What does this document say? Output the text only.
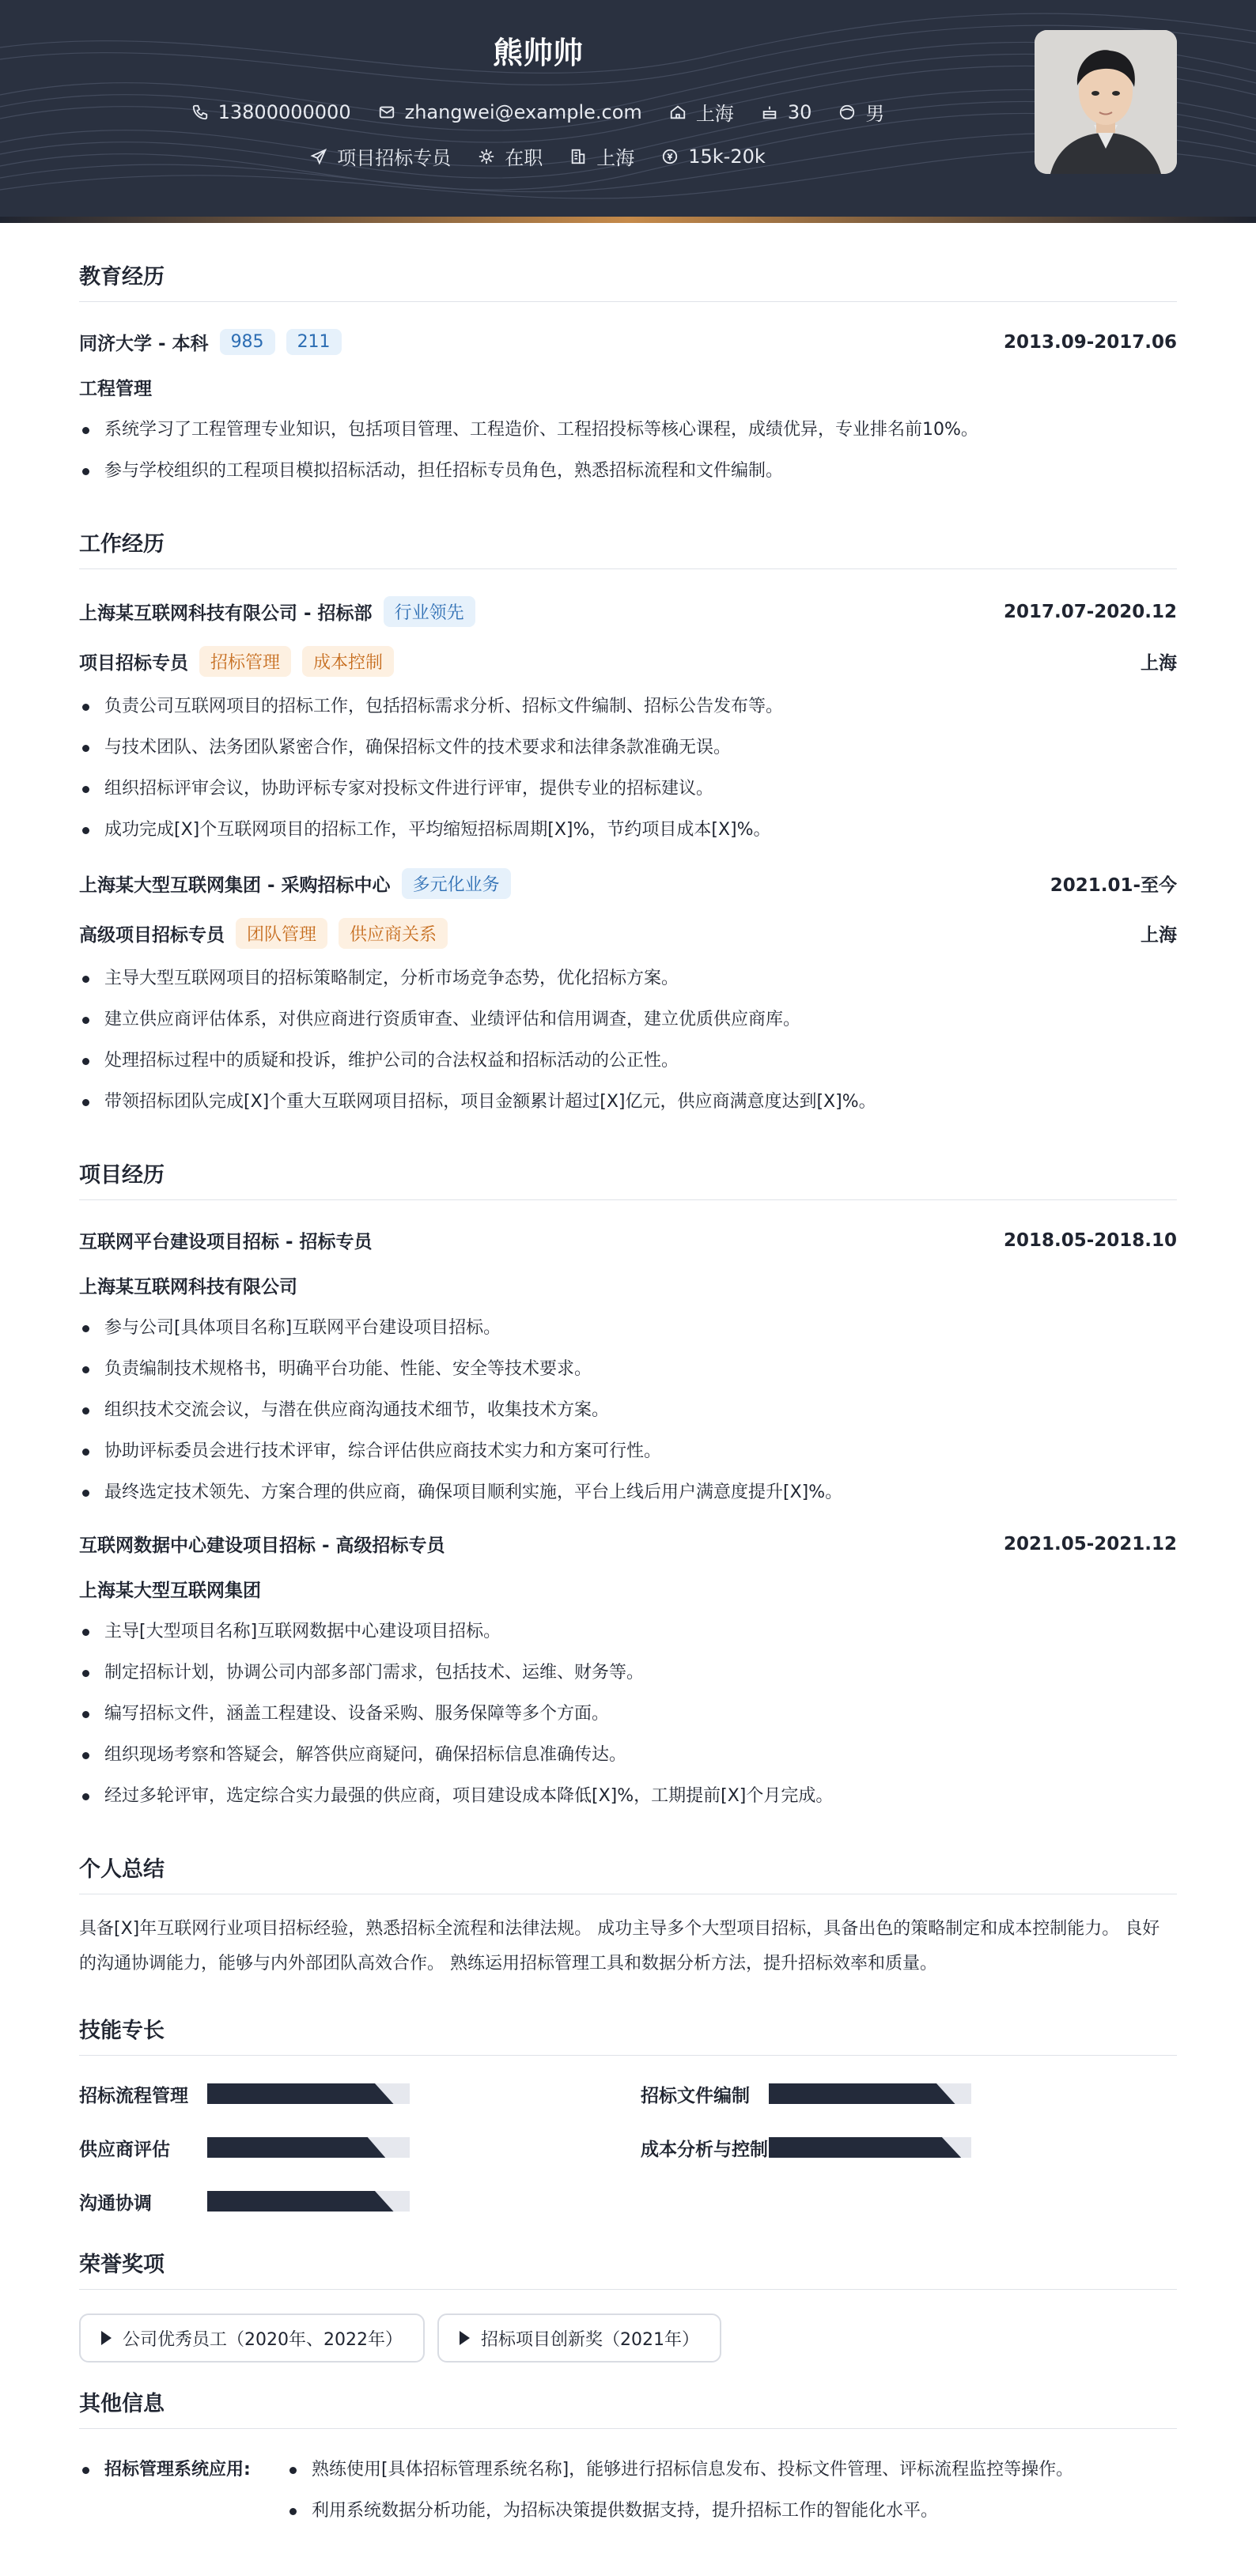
熊帅帅
13800000000	zhangwei@example.com	上海	30	男
项目招标专员	在职	上海	15k-20k
教育经历
同济大学 - 本科	985	211	2013.09-2017.06
工程管理
系统学习了工程管理专业知识，包括项目管理、工程造价、工程招投标等核心课程，成绩优异，专业排名前10%。
参与学校组织的工程项目模拟招标活动，担任招标专员角色，熟悉招标流程和文件编制。
工作经历
上海某互联网科技有限公司 - 招标部	行业领先	2017.07-2020.12
项目招标专员	招标管理	成本控制	上海
负责公司互联网项目的招标工作，包括招标需求分析、招标文件编制、招标公告发布等。
与技术团队、法务团队紧密合作，确保招标文件的技术要求和法律条款准确无误。
组织招标评审会议，协助评标专家对投标文件进行评审，提供专业的招标建议。
成功完成[X]个互联网项目的招标工作，平均缩短招标周期[X]%，节约项目成本[X]%。
上海某大型互联网集团 - 采购招标中心	多元化业务	2021.01-至今
高级项目招标专员	团队管理	供应商关系	上海
主导大型互联网项目的招标策略制定，分析市场竞争态势，优化招标方案。
建立供应商评估体系，对供应商进行资质审查、业绩评估和信用调查，建立优质供应商库。
处理招标过程中的质疑和投诉，维护公司的合法权益和招标活动的公正性。
带领招标团队完成[X]个重大互联网项目招标，项目金额累计超过[X]亿元，供应商满意度达到[X]%。
项目经历
互联网平台建设项目招标 - 招标专员	2018.05-2018.10
上海某互联网科技有限公司
参与公司[具体项目名称]互联网平台建设项目招标。
负责编制技术规格书，明确平台功能、性能、安全等技术要求。
组织技术交流会议，与潜在供应商沟通技术细节，收集技术方案。
协助评标委员会进行技术评审，综合评估供应商技术实力和方案可行性。
最终选定技术领先、方案合理的供应商，确保项目顺利实施，平台上线后用户满意度提升[X]%。
互联网数据中心建设项目招标 - 高级招标专员	2021.05-2021.12
上海某大型互联网集团
主导[大型项目名称]互联网数据中心建设项目招标。
制定招标计划，协调公司内部多部门需求，包括技术、运维、财务等。
编写招标文件，涵盖工程建设、设备采购、服务保障等多个方面。
组织现场考察和答疑会，解答供应商疑问，确保招标信息准确传达。
经过多轮评审，选定综合实力最强的供应商，项目建设成本降低[X]%，工期提前[X]个月完成。
个人总结

具备[X]年互联网行业项目招标经验，熟悉招标全流程和法律法规。 成功主导多个大型项目招标，具备出色的策略制定和成本控制能力。 良好的沟通协调能力，能够与内外部团队高效合作。 熟练运用招标管理工具和数据分析方法，提升招标效率和质量。

技能专长
招标流程管理	招标文件编制
供应商评估	成本分析与控制
沟通协调
荣誉奖项
公司优秀员工（2020年、2022年）	招标项目创新奖（2021年）
其他信息
招标管理系统应用:	熟练使用[具体招标管理系统名称]，能够进行招标信息发布、投标文件管理、评标流程监控等操作。
利用系统数据分析功能，为招标决策提供数据支持，提升招标工作的智能化水平。
